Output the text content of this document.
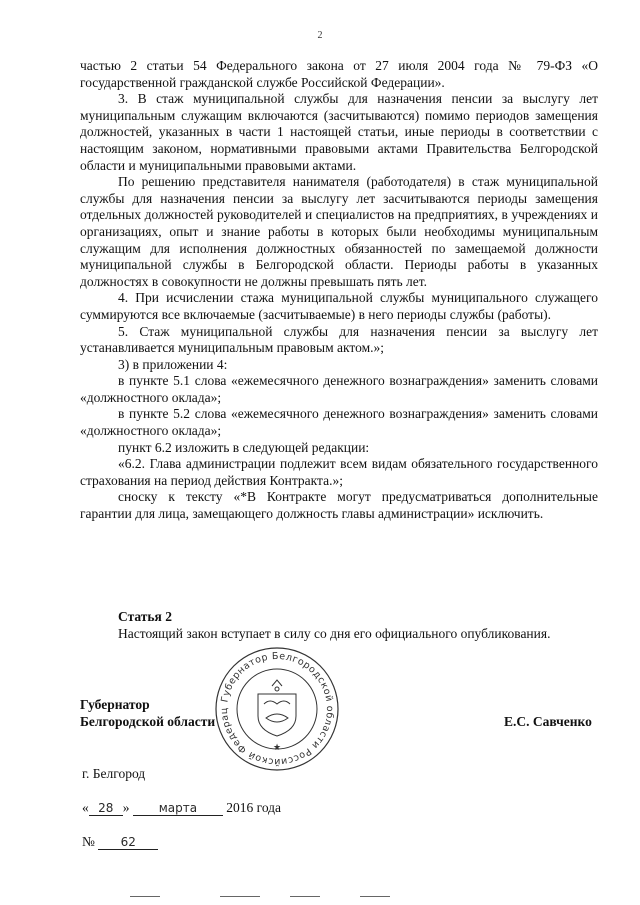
2

частью 2 статьи 54 Федерального закона от 27 июля 2004 года № 79-ФЗ «О государственной гражданской службе Российской Федерации».

3. В стаж муниципальной службы для назначения пенсии за выслугу лет муниципальным служащим включаются (засчитываются) помимо периодов замещения должностей, указанных в части 1 настоящей статьи, иные периоды в соответствии с настоящим законом, нормативными правовыми актами Правительства Белгородской области и муниципальными правовыми актами.

По решению представителя нанимателя (работодателя) в стаж муниципальной службы для назначения пенсии за выслугу лет засчитываются периоды замещения отдельных должностей руководителей и специалистов на предприятиях, в учреждениях и организациях, опыт и знание работы в которых были необходимы муниципальным служащим для исполнения должностных обязанностей по замещаемой должности муниципальной службы в Белгородской области. Периоды работы в указанных должностях в совокупности не должны превышать пять лет.

4. При исчислении стажа муниципальной службы муниципального служащего суммируются все включаемые (засчитываемые) в него периоды службы (работы).

5. Стаж муниципальной службы для назначения пенсии за выслугу лет устанавливается муниципальным правовым актом.»;

3) в приложении 4:

в пункте 5.1 слова «ежемесячного денежного вознаграждения» заменить словами «должностного оклада»;

в пункте 5.2 слова «ежемесячного денежного вознаграждения» заменить словами «должностного оклада»;

пункт 6.2 изложить в следующей редакции:

«6.2. Глава администрации подлежит всем видам обязательного государственного страхования на период действия Контракта.»;

сноску к тексту «*В Контракте могут предусматриваться дополнительные гарантии для лица, замещающего должность главы администрации» исключить.

Статья 2

Настоящий закон вступает в силу со дня его официального опубликования.

Губернатор Белгородской области Российской Федерац
★
Губернатор
Белгородской области	Е.С. Савченко
г. Белгород
« 28 » марта 2016 года
№ 62
